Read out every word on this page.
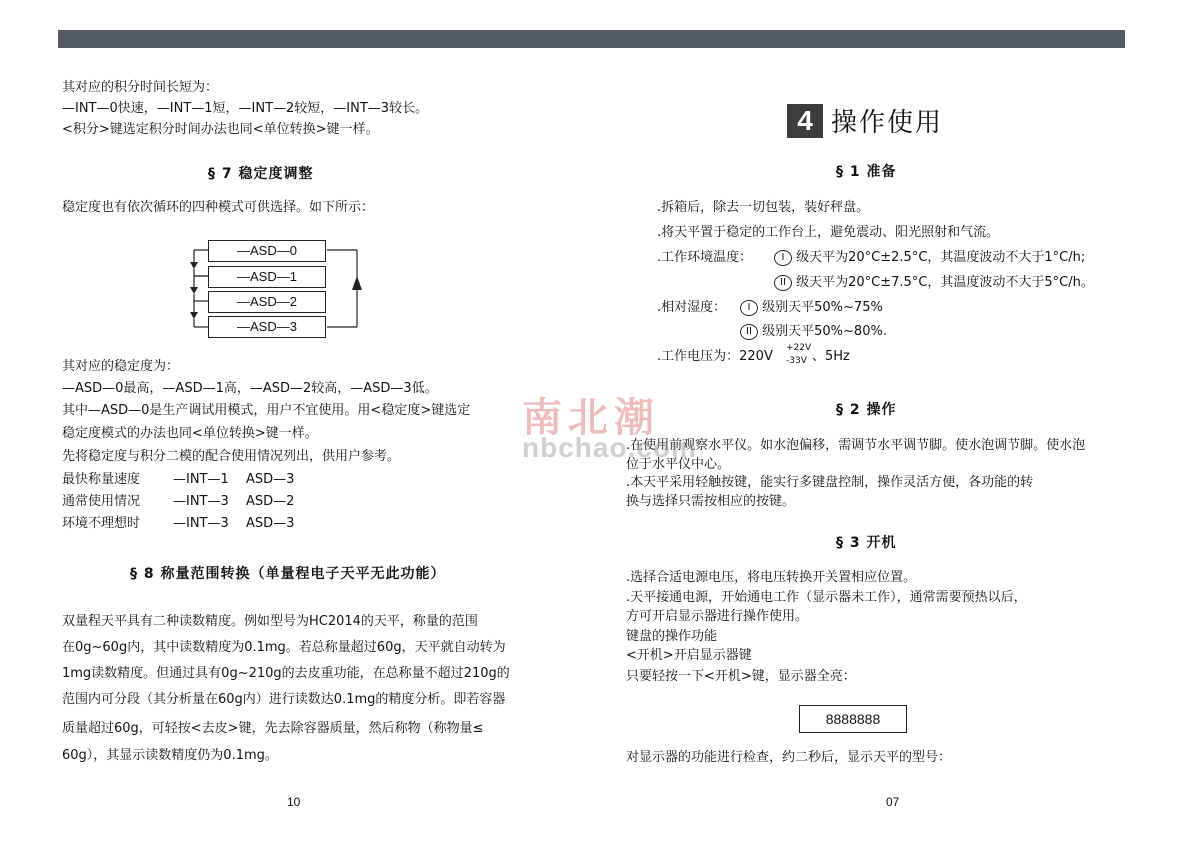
其对应的积分时间长短为：
—INT—0快速，—INT—1短，—INT—2较短，—INT—3较长。
<积分>键选定积分时间办法也同<单位转换>键一样。
§ 7 稳定度调整
稳定度也有依次循环的四种模式可供选择。如下所示：
—ASD—0
—ASD—1
—ASD—2
—ASD—3
其对应的稳定度为：
—ASD—0最高，—ASD—1高，—ASD—2较高，—ASD—3低。
其中—ASD—0是生产调试用模式，用户不宜使用。用<稳定度>键选定
稳定度模式的办法也同<单位转换>键一样。
先将稳定度与积分二模的配合使用情况列出，供用户参考。
最快称量速度	—INT—1 ASD—3
通常使用情况	—INT—3 ASD—2
环境不理想时	—INT—3 ASD—3
§ 8 称量范围转换（单量程电子天平无此功能）
双量程天平具有二种读数精度。例如型号为HC2014的天平，称量的范围
在0g~60g内，其中读数精度为0.1mg。若总称量超过60g，天平就自动转为
1mg读数精度。但通过具有0g~210g的去皮重功能，在总称量不超过210g的
范围内可分段（其分析量在60g内）进行读数达0.1mg的精度分析。即若容器
质量超过60g，可轻按<去皮>键，先去除容器质量，然后称物（称物量≤
60g），其显示读数精度仍为0.1mg。
10
4 操作使用
§ 1 准备
.拆箱后，除去一切包装，装好秤盘。
.将天平置于稳定的工作台上，避免震动、阳光照射和气流。
.工作环境温度：	I 级天平为20°C±2.5°C，其温度波动不大于1°C/h;
II 级天平为20°C±7.5°C，其温度波动不大于5°C/h。
.相对湿度：	I 级别天平50%~75%
II 级别天平50%~80%.
.工作电压为：220V
+22V
-33V 、5Hz
§ 2 操作
.在使用前观察水平仪。如水泡偏移，需调节水平调节脚。使水泡调节脚。使水泡
位于水平仪中心。
.本天平采用轻触按键，能实行多键盘控制，操作灵活方便，各功能的转
换与选择只需按相应的按键。
§ 3 开机
.选择合适电源电压，将电压转换开关置相应位置。
.天平接通电源，开始通电工作（显示器未工作），通常需要预热以后，
方可开启显示器进行操作使用。
键盘的操作功能
<开机>开启显示器键
只要轻按一下<开机>键，显示器全亮：
8888888
对显示器的功能进行检查，约二秒后，显示天平的型号：
07
南北潮
nbchao.com
